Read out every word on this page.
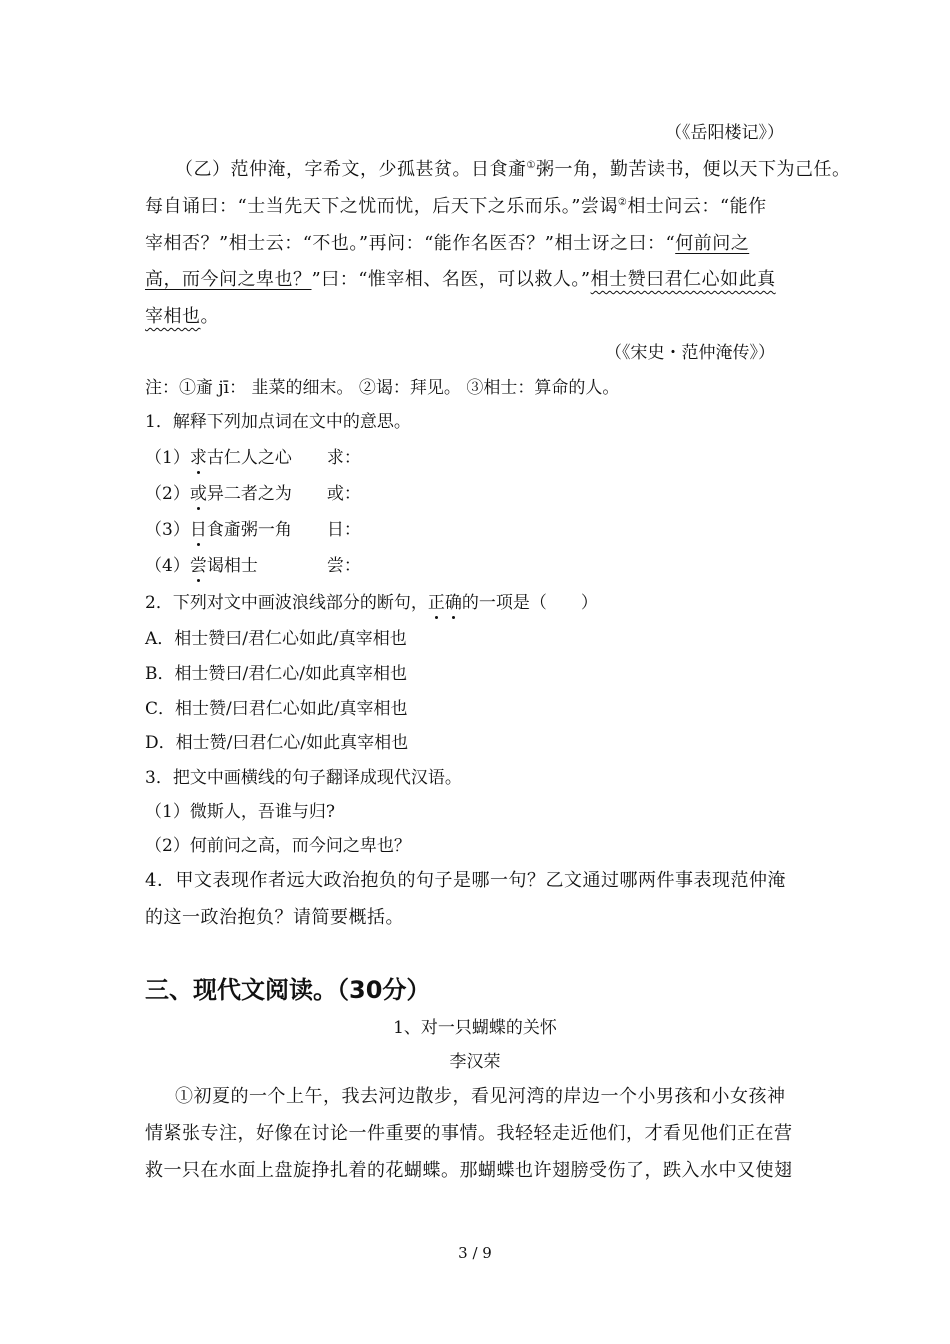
（《岳阳楼记》）
（乙）范仲淹，字希文，少孤甚贫。日食齑①粥一角，勤苦读书，便以天下为己任。
每自诵曰：“士当先天下之忧而忧，后天下之乐而乐。”尝谒②相士问云：“能作
宰相否？”相士云：“不也。”再问：“能作名医否？”相士讶之曰：“何前问之
高，而今问之卑也？”曰：“惟宰相、名医，可以救人。”相士赞曰君仁心如此真
宰相也。
（《宋史・范仲淹传》）
注：①齑 jī： 韭菜的细末。 ②谒：拜见。 ③相士：算命的人。
1．解释下列加点词在文中的意思。
（1）求古仁人之心 求：
（2）或异二者之为 或：
（3）日食齑粥一角 日：
（4）尝谒相士	尝：
2．下列对文中画波浪线部分的断句，正确的一项是（　　）
A．相士赞曰/君仁心如此/真宰相也
B．相士赞曰/君仁心/如此真宰相也
C．相士赞/曰君仁心如此/真宰相也
D．相士赞/曰君仁心/如此真宰相也
3．把文中画横线的句子翻译成现代汉语。
（1）微斯人，吾谁与归?
（2）何前问之高，而今问之卑也？
4．甲文表现作者远大政治抱负的句子是哪一句？乙文通过哪两件事表现范仲淹
的这一政治抱负？请简要概括。
三、现代文阅读。（30分）
1、对一只蝴蝶的关怀
李汉荣
①初夏的一个上午，我去河边散步，看见河湾的岸边一个小男孩和小女孩神
情紧张专注，好像在讨论一件重要的事情。我轻轻走近他们，才看见他们正在营
救一只在水面上盘旋挣扎着的花蝴蝶。那蝴蝶也许翅膀受伤了，跌入水中又使翅
3 / 9
